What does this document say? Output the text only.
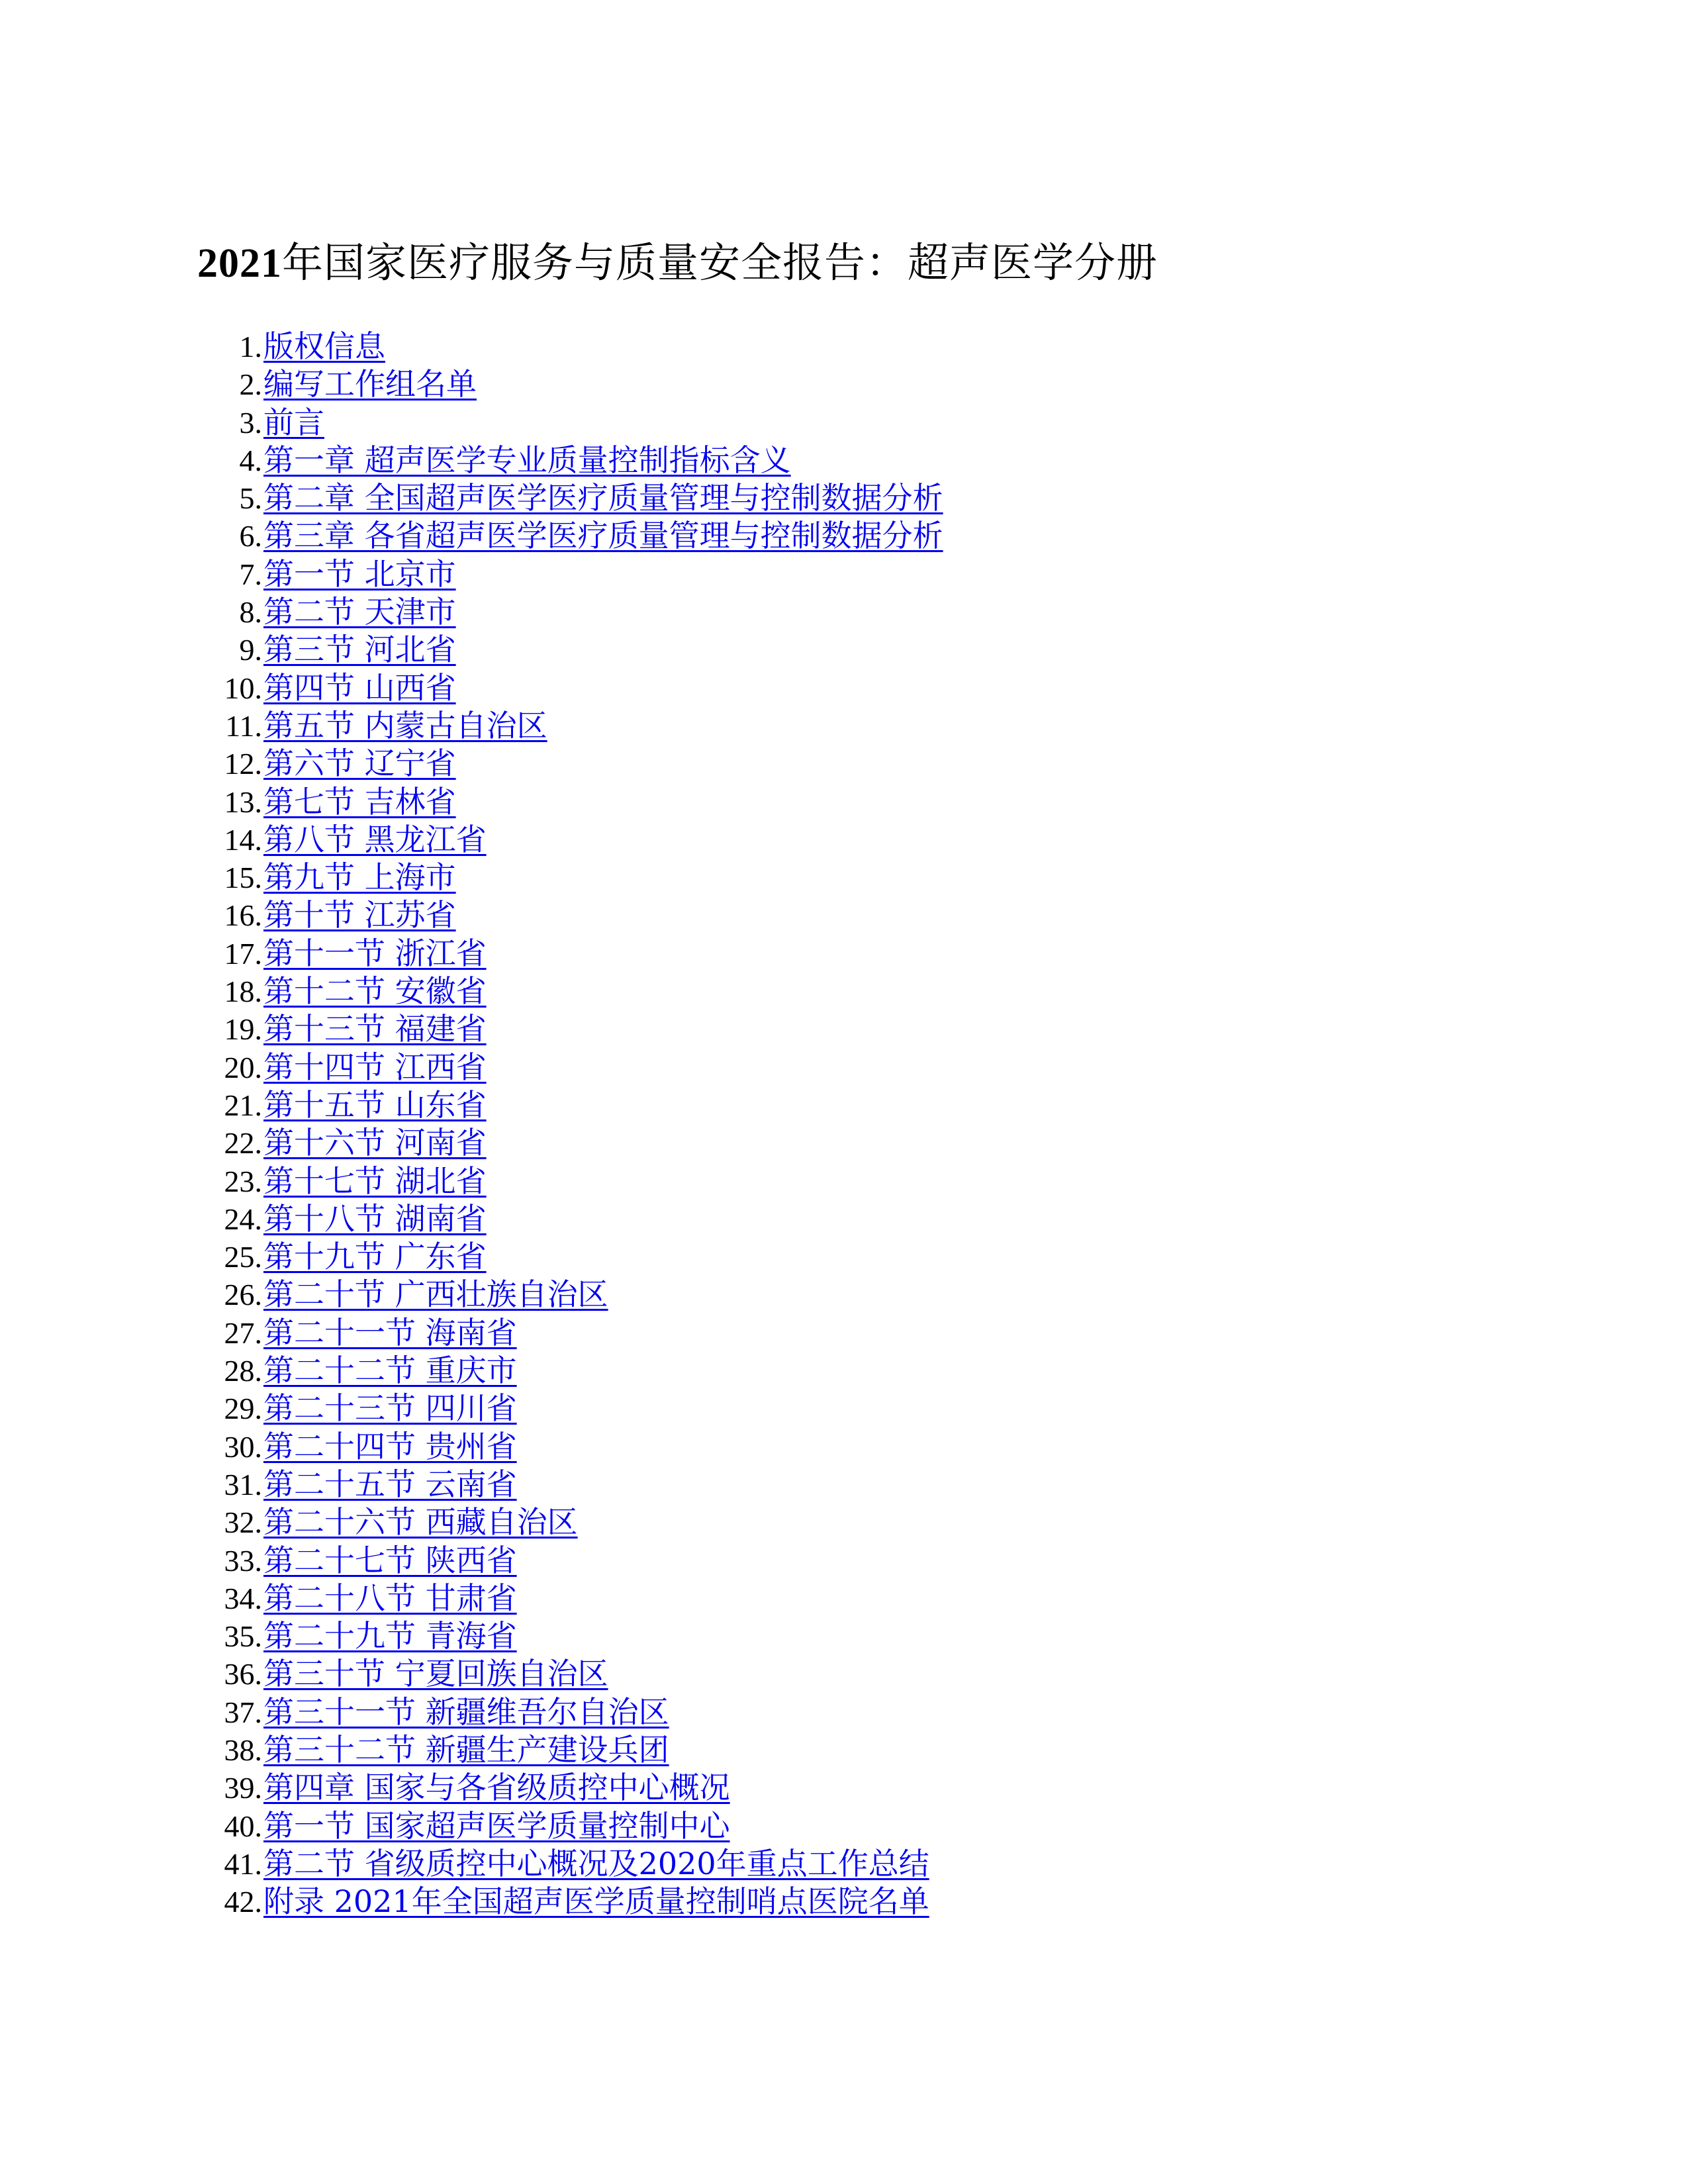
2021年国家医疗服务与质量安全报告：超声医学分册
1. 版权信息
2. 编写工作组名单
3. 前言
4. 第一章 超声医学专业质量控制指标含义
5. 第二章 全国超声医学医疗质量管理与控制数据分析
6. 第三章 各省超声医学医疗质量管理与控制数据分析
7. 第一节 北京市
8. 第二节 天津市
9. 第三节 河北省
10. 第四节 山西省
11. 第五节 内蒙古自治区
12. 第六节 辽宁省
13. 第七节 吉林省
14. 第八节 黑龙江省
15. 第九节 上海市
16. 第十节 江苏省
17. 第十一节 浙江省
18. 第十二节 安徽省
19. 第十三节 福建省
20. 第十四节 江西省
21. 第十五节 山东省
22. 第十六节 河南省
23. 第十七节 湖北省
24. 第十八节 湖南省
25. 第十九节 广东省
26. 第二十节 广西壮族自治区
27. 第二十一节 海南省
28. 第二十二节 重庆市
29. 第二十三节 四川省
30. 第二十四节 贵州省
31. 第二十五节 云南省
32. 第二十六节 西藏自治区
33. 第二十七节 陕西省
34. 第二十八节 甘肃省
35. 第二十九节 青海省
36. 第三十节 宁夏回族自治区
37. 第三十一节 新疆维吾尔自治区
38. 第三十二节 新疆生产建设兵团
39. 第四章 国家与各省级质控中心概况
40. 第一节 国家超声医学质量控制中心
41. 第二节 省级质控中心概况及2020年重点工作总结
42. 附录 2021年全国超声医学质量控制哨点医院名单
